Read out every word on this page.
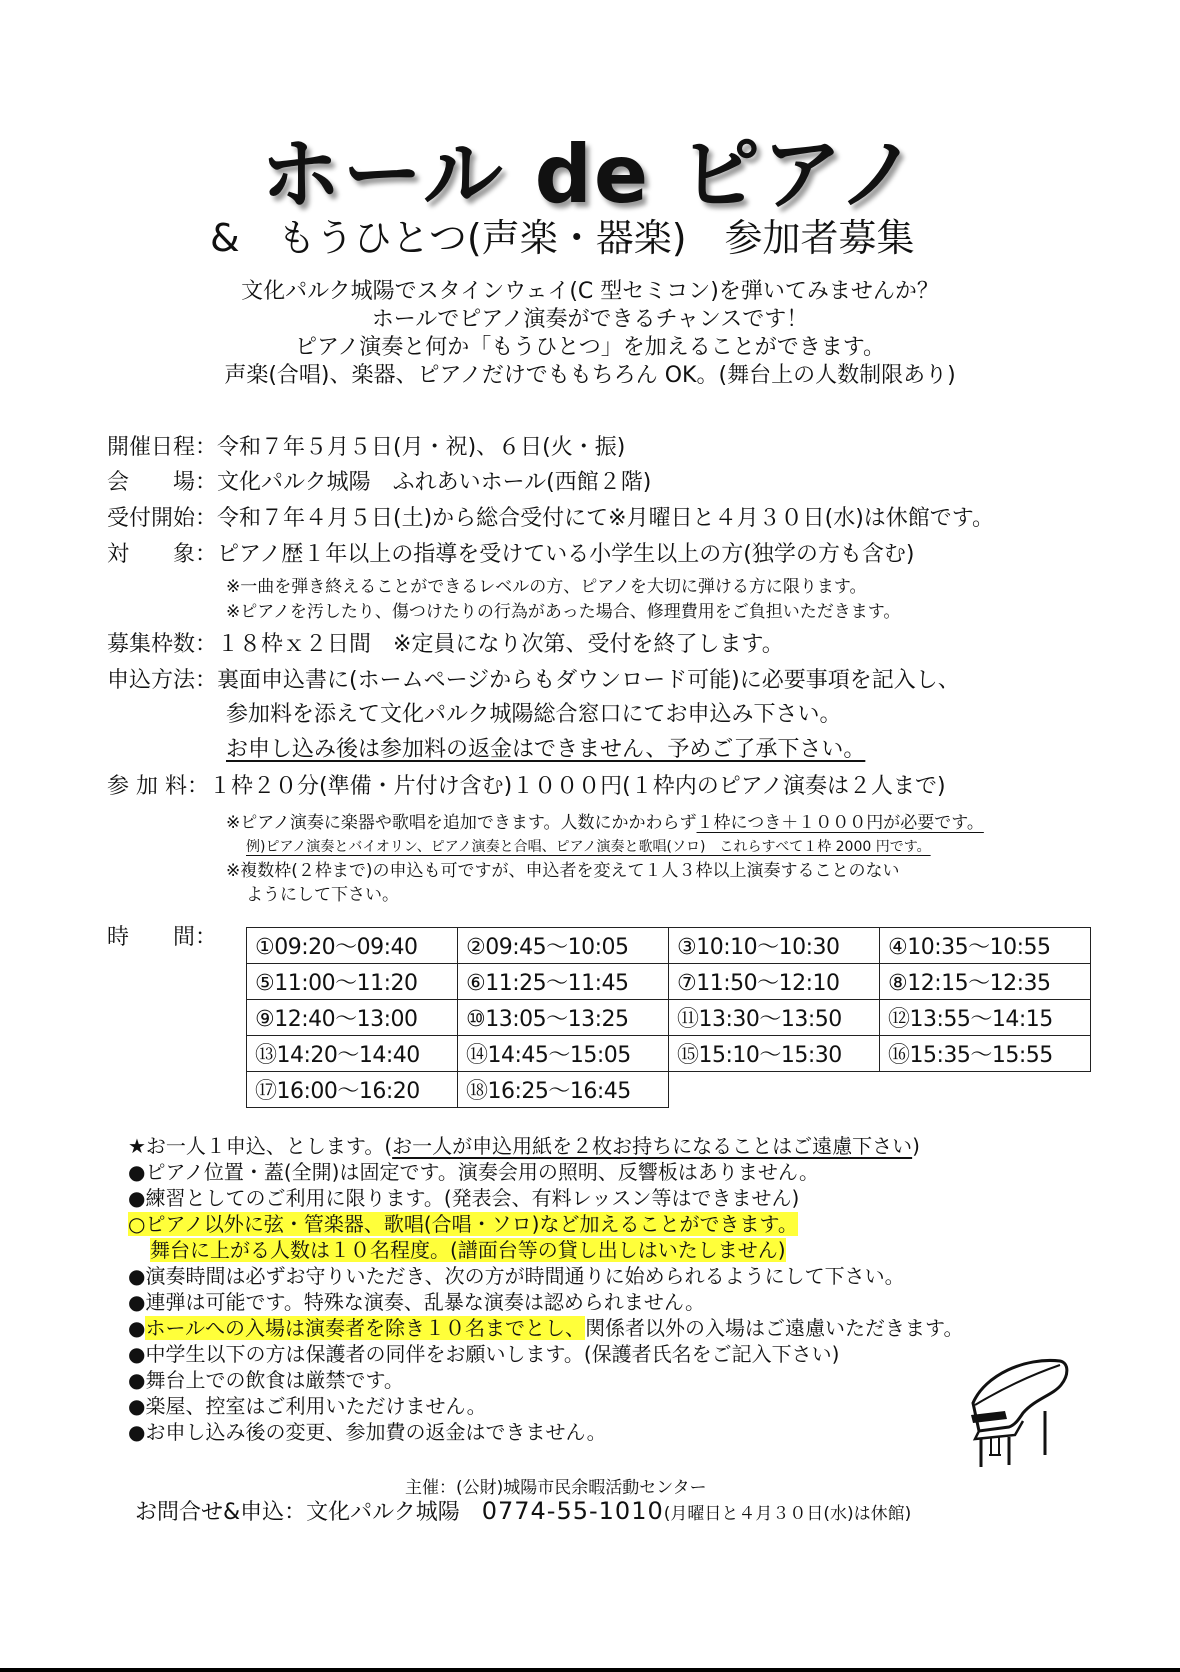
ホール de ピアノ
&　もうひとつ(声楽・器楽)　参加者募集
文化パルク城陽でスタインウェイ(C 型セミコン)を弾いてみませんか？
ホールでピアノ演奏ができるチャンスです！
ピアノ演奏と何か「もうひとつ」を加えることができます。
声楽(合唱)、楽器、ピアノだけでももちろん OK。(舞台上の人数制限あり)
開催日程：令和７年５月５日(月・祝)、６日(火・振)
会　　場：文化パルク城陽　ふれあいホール(西館２階)
受付開始：令和７年４月５日(土)から総合受付にて※月曜日と４月３０日(水)は休館です。
対　　象：ピアノ歴１年以上の指導を受けている小学生以上の方(独学の方も含む)
※一曲を弾き終えることができるレベルの方、ピアノを大切に弾ける方に限ります。
※ピアノを汚したり、傷つけたりの行為があった場合、修理費用をご負担いただきます。
募集枠数：１８枠ｘ２日間　※定員になり次第、受付を終了します。
申込方法：裏面申込書に(ホームページからもダウンロード可能)に必要事項を記入し、
参加料を添えて文化パルク城陽総合窓口にてお申込み下さい。
お申し込み後は参加料の返金はできません、予めご了承下さい。
参 加 料：１枠２０分(準備・片付け含む)１０００円(１枠内のピアノ演奏は２人まで)
※ピアノ演奏に楽器や歌唱を追加できます。人数にかかわらず１枠につき＋１０００円が必要です。
例)ピアノ演奏とバイオリン、ピアノ演奏と合唱、ピアノ演奏と歌唱(ソロ)　これらすべて１枠 2000 円です。
※複数枠(２枠まで)の申込も可ですが、申込者を変えて１人３枠以上演奏することのない
ようにして下さい。
時　　間： ①09:20～09:40	②09:45～10:05	③10:10～10:30	④10:35～10:55
⑤11:00～11:20	⑥11:25～11:45	⑦11:50～12:10	⑧12:15～12:35
⑨12:40～13:00	⑩13:05～13:25	⑪13:30～13:50	⑫13:55～14:15
⑬14:20～14:40	⑭14:45～15:05	⑮15:10～15:30	⑯15:35～15:55
⑰16:00～16:20	⑱16:25～16:45		
★お一人１申込、とします。(お一人が申込用紙を２枚お持ちになることはご遠慮下さい)
●ピアノ位置・蓋(全開)は固定です。演奏会用の照明、反響板はありません。
●練習としてのご利用に限ります。(発表会、有料レッスン等はできません)
○ピアノ以外に弦・管楽器、歌唱(合唱・ソロ)など加えることができます。
舞台に上がる人数は１０名程度。(譜面台等の貸し出しはいたしません)
●演奏時間は必ずお守りいただき、次の方が時間通りに始められるようにして下さい。
●連弾は可能です。特殊な演奏、乱暴な演奏は認められません。
●ホールへの入場は演奏者を除き１０名までとし、関係者以外の入場はご遠慮いただきます。
●中学生以下の方は保護者の同伴をお願いします。(保護者氏名をご記入下さい)
●舞台上での飲食は厳禁です。
●楽屋、控室はご利用いただけません。
●お申し込み後の変更、参加費の返金はできません。
主催：(公財)城陽市民余暇活動センター
お問合せ&申込：文化パルク城陽　0774-55-1010(月曜日と４月３０日(水)は休館)
